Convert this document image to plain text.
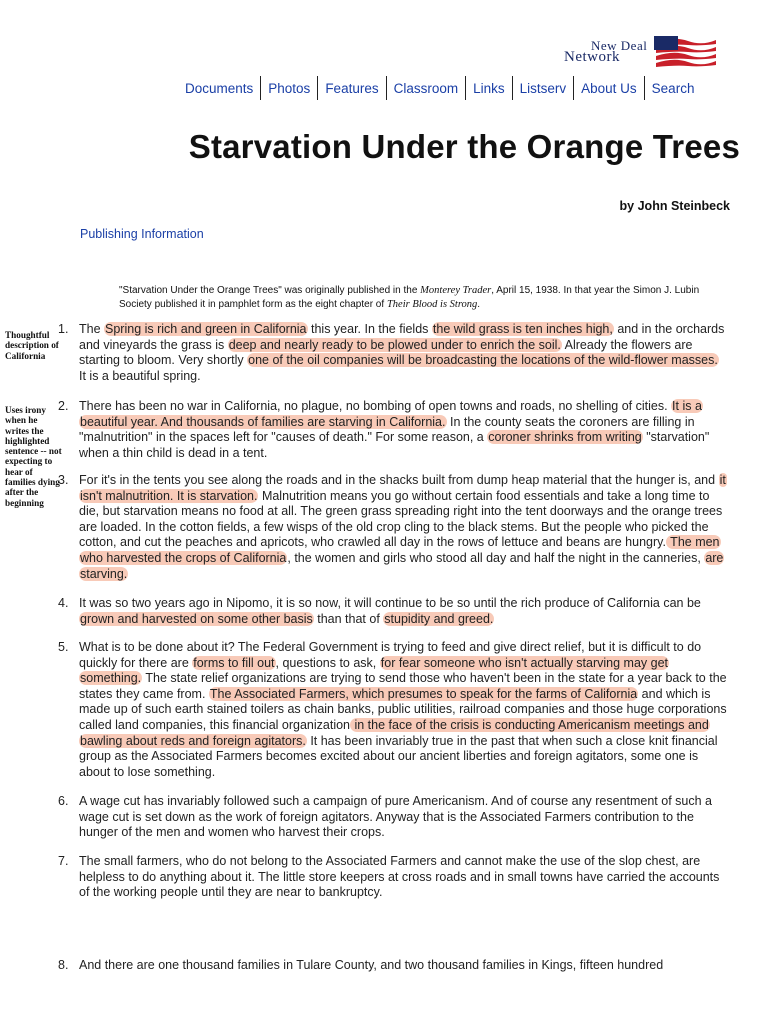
New Deal
Network
Documents Photos Features Classroom Links Listserv About Us Search
Starvation Under the Orange Trees
by John Steinbeck
Publishing Information
"Starvation Under the Orange Trees" was originally published in the Monterey Trader, April 15, 1938. In that year the Simon J. Lubin Society published it in pamphlet form as the eight chapter of Their Blood is Strong.
Thoughtful description of California
Uses irony when he writes the highlighted sentence -- not expecting to hear of families dying after the beginning
1. The Spring is rich and green in California this year. In the fields the wild grass is ten inches high, and in the orchards and vineyards the grass is deep and nearly ready to be plowed under to enrich the soil. Already the flowers are starting to bloom. Very shortly one of the oil companies will be broadcasting the locations of the wild-flower masses. It is a beautiful spring.
2. There has been no war in California, no plague, no bombing of open towns and roads, no shelling of cities. It is a beautiful year. And thousands of families are starving in California. In the county seats the coroners are filling in "malnutrition" in the spaces left for "causes of death." For some reason, a coroner shrinks from writing "starvation" when a thin child is dead in a tent.
3. For it's in the tents you see along the roads and in the shacks built from dump heap material that the hunger is, and it isn't malnutrition. It is starvation. Malnutrition means you go without certain food essentials and take a long time to die, but starvation means no food at all. The green grass spreading right into the tent doorways and the orange trees are loaded. In the cotton fields, a few wisps of the old crop cling to the black stems. But the people who picked the cotton, and cut the peaches and apricots, who crawled all day in the rows of lettuce and beans are hungry. The men who harvested the crops of California, the women and girls who stood all day and half the night in the canneries, are starving.
4. It was so two years ago in Nipomo, it is so now, it will continue to be so until the rich produce of California can be grown and harvested on some other basis than that of stupidity and greed.
5. What is to be done about it? The Federal Government is trying to feed and give direct relief, but it is difficult to do quickly for there are forms to fill out, questions to ask, for fear someone who isn't actually starving may get something. The state relief organizations are trying to send those who haven't been in the state for a year back to the states they came from. The Associated Farmers, which presumes to speak for the farms of California and which is made up of such earth stained toilers as chain banks, public utilities, railroad companies and those huge corporations called land companies, this financial organization in the face of the crisis is conducting Americanism meetings and bawling about reds and foreign agitators. It has been invariably true in the past that when such a close knit financial group as the Associated Farmers becomes excited about our ancient liberties and foreign agitators, some one is about to lose something.
6. A wage cut has invariably followed such a campaign of pure Americanism. And of course any resentment of such a wage cut is set down as the work of foreign agitators. Anyway that is the Associated Farmers contribution to the hunger of the men and women who harvest their crops.
7. The small farmers, who do not belong to the Associated Farmers and cannot make the use of the slop chest, are helpless to do anything about it. The little store keepers at cross roads and in small towns have carried the accounts of the working people until they are near to bankruptcy.
8. And there are one thousand families in Tulare County, and two thousand families in Kings, fifteen hundred
